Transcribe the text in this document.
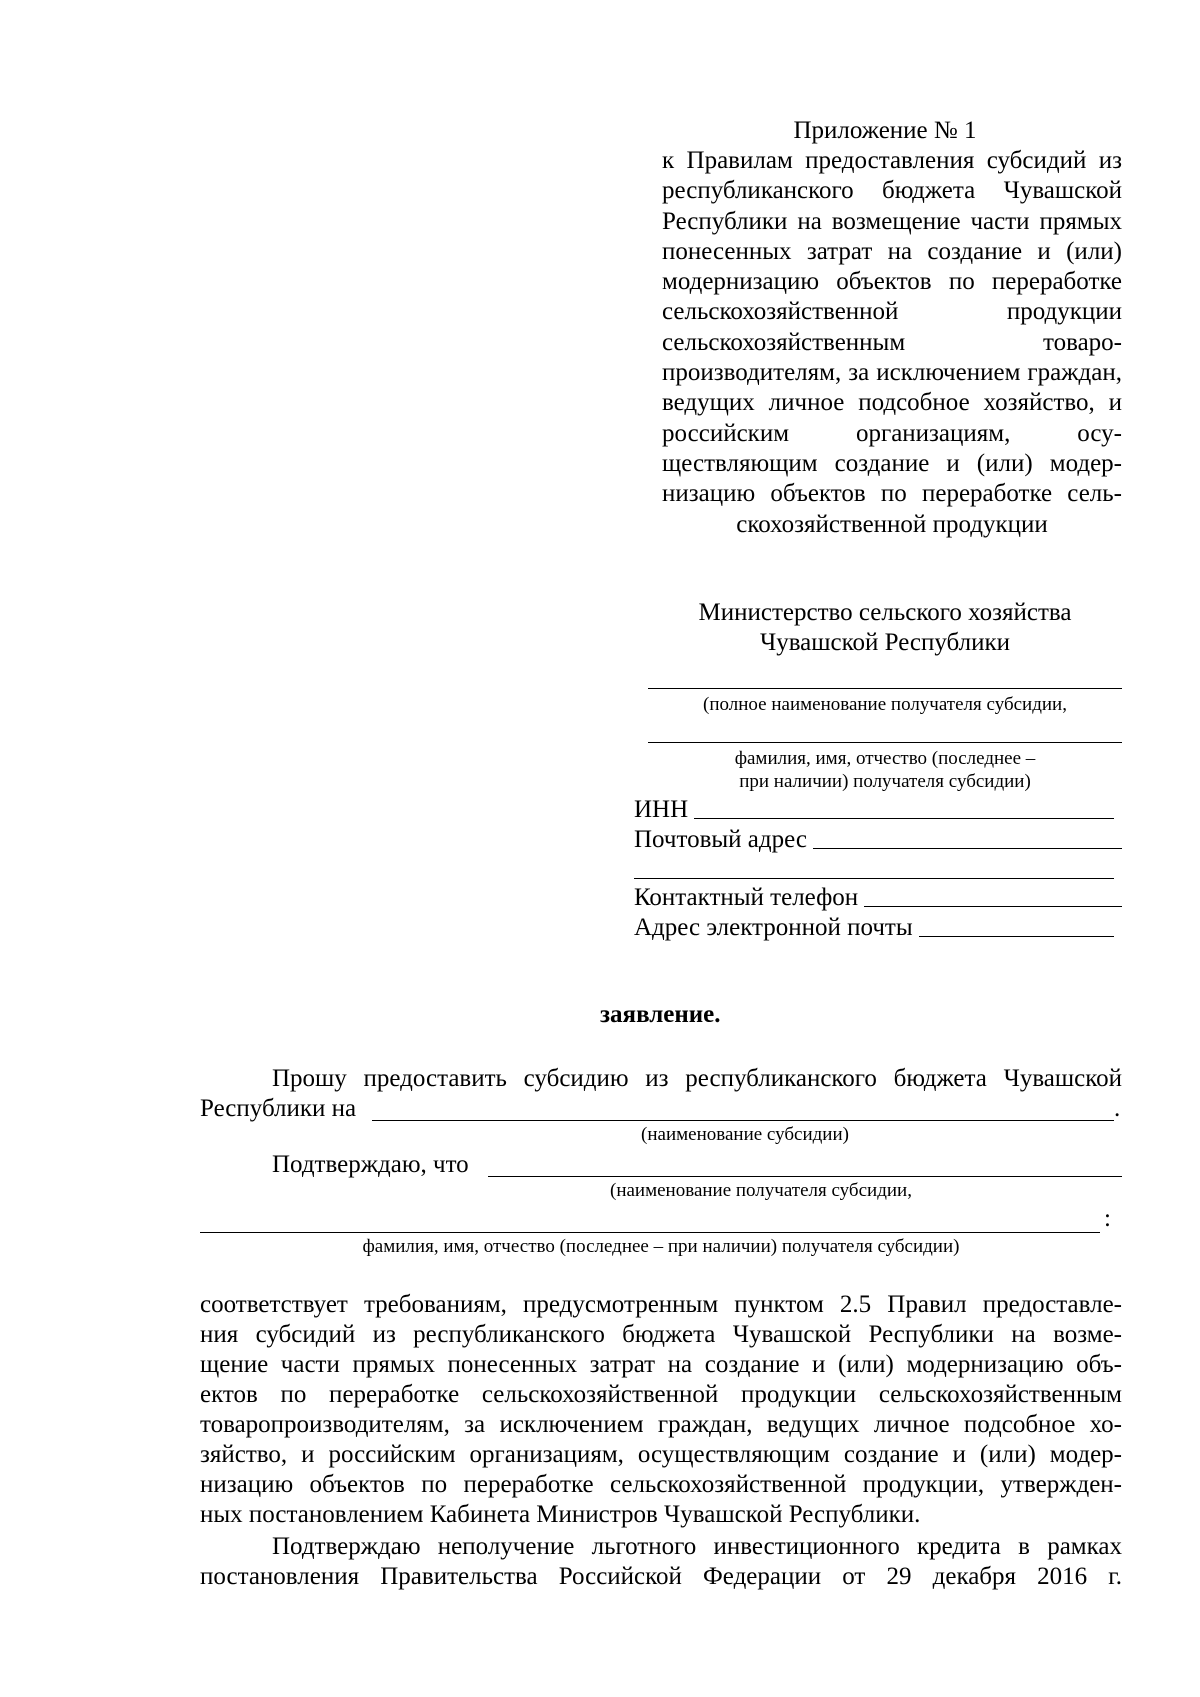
Приложение № 1
к Правилам предоставления субсидий из республиканского бюджета Чувашской Республики на возмещение части прямых понесенных затрат на создание и (или) модернизацию объектов по переработке сельскохозяйственной продукции сельскохозяйственным товаропроизводителям, за исключением граждан, ведущих личное подсобное хозяйство, и российским организациям, осуществляющим создание и (или) модернизацию объектов по переработке сельскохозяйственной продукции
Министерство сельского хозяйства
Чувашской Республики
(полное наименование получателя субсидии,
фамилия, имя, отчество (последнее –
при наличии) получателя субсидии)
ИНН
Почтовый адрес
Контактный телефон
Адрес электронной почты
заявление.
Прошу предоставить субсидию из республиканского бюджета Чувашской
Республики на	.
(наименование субсидии)
Подтверждаю, что
(наименование получателя субсидии,
:
фамилия, имя, отчество (последнее – при наличии) получателя субсидии)
соответствует требованиям, предусмотренным пунктом 2.5 Правил предоставле-
ния субсидий из республиканского бюджета Чувашской Республики на возме-
щение части прямых понесенных затрат на создание и (или) модернизацию объ-
ектов по переработке сельскохозяйственной продукции сельскохозяйственным
товаропроизводителям, за исключением граждан, ведущих личное подсобное хо-
зяйство, и российским организациям, осуществляющим создание и (или) модер-
низацию объектов по переработке сельскохозяйственной продукции, утвержден-
ных постановлением Кабинета Министров Чувашской Республики.
Подтверждаю неполучение льготного инвестиционного кредита в рамках
постановления Правительства Российской Федерации от 29 декабря 2016 г.
